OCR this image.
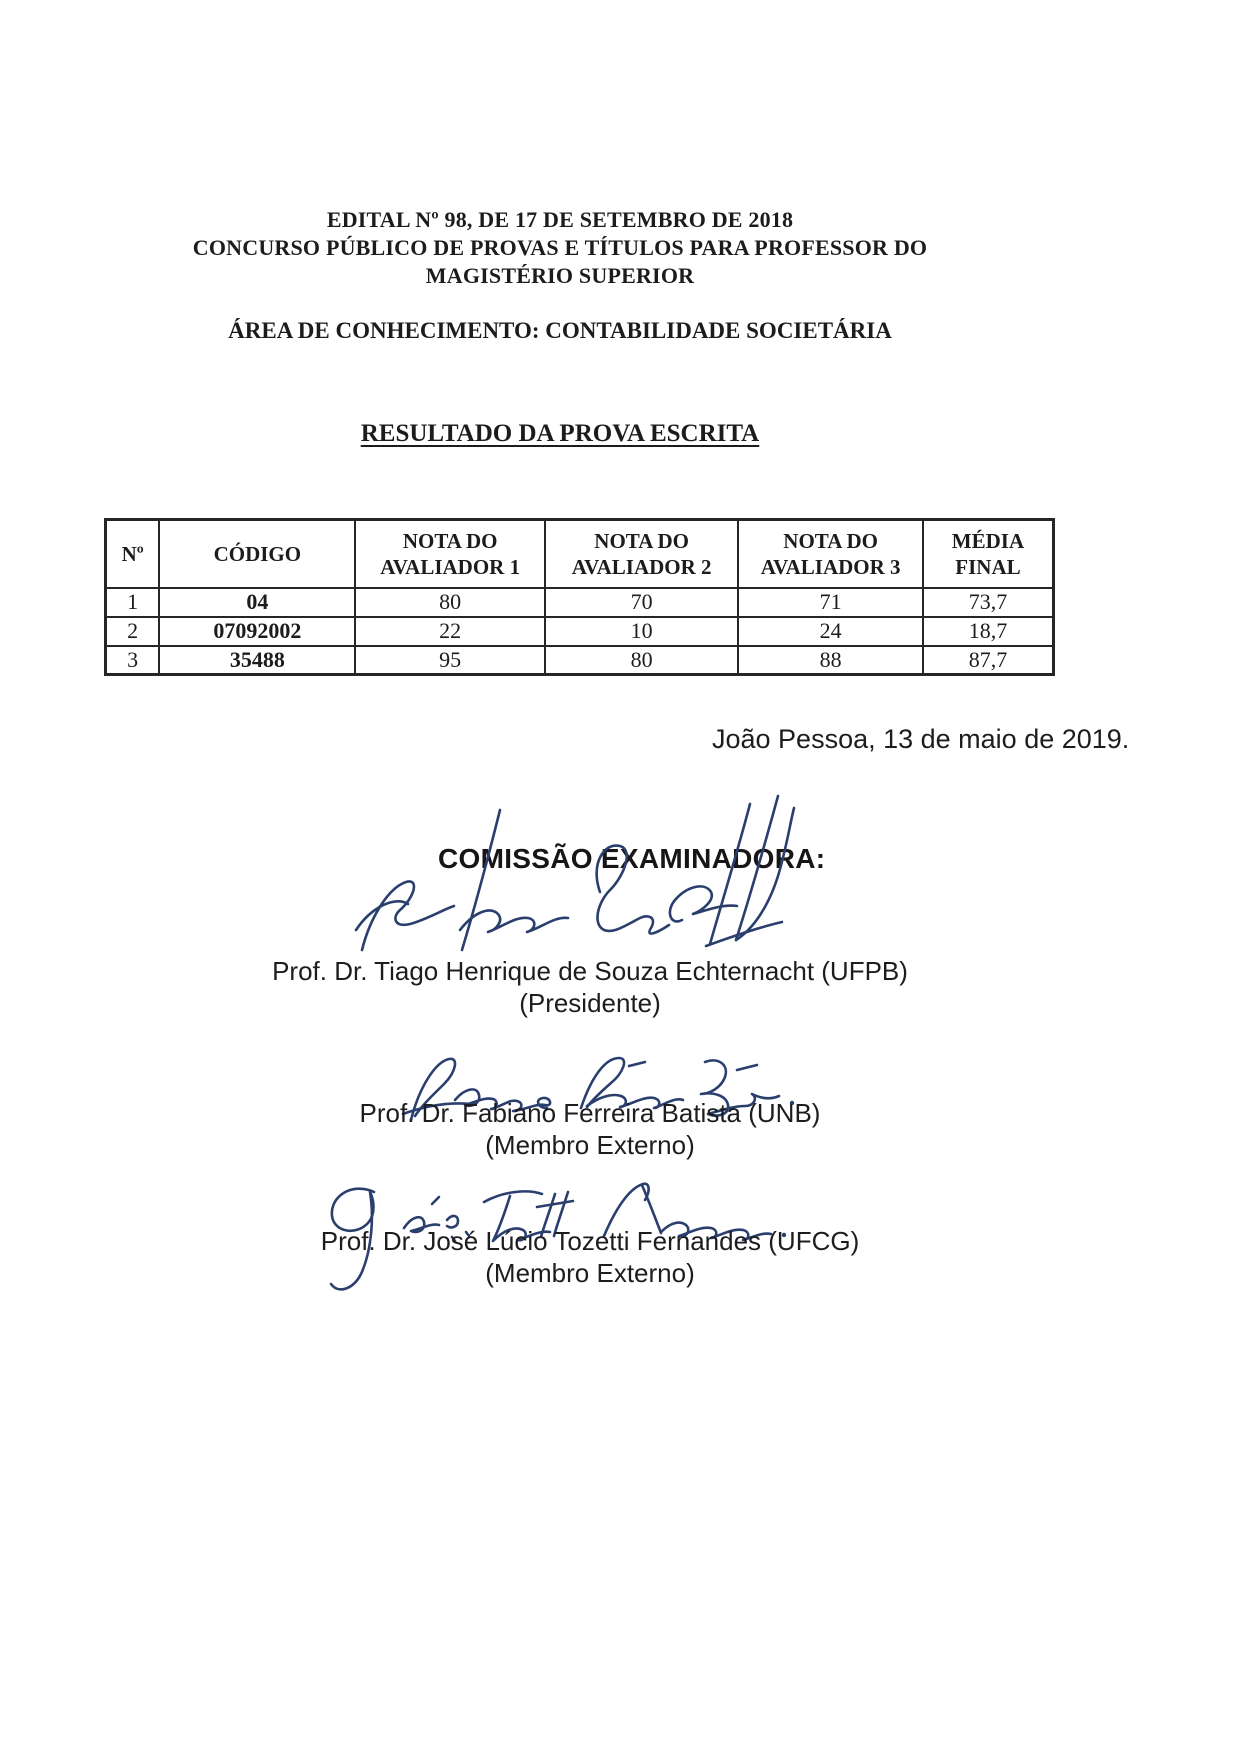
EDITAL Nº 98, DE 17 DE SETEMBRO DE 2018
CONCURSO PÚBLICO DE PROVAS E TÍTULOS PARA PROFESSOR DO
MAGISTÉRIO SUPERIOR
ÁREA DE CONHECIMENTO: CONTABILIDADE SOCIETÁRIA
RESULTADO DA PROVA ESCRITA
Nº	CÓDIGO	NOTA DO AVALIADOR 1	NOTA DO AVALIADOR 2	NOTA DO AVALIADOR 3	MÉDIA FINAL
1	04	80	70	71	73,7
2	07092002	22	10	24	18,7
3	35488	95	80	88	87,7
João Pessoa, 13 de maio de 2019.
COMISSÃO EXAMINADORA:
Prof. Dr. Tiago Henrique de Souza Echternacht (UFPB)
(Presidente)
Prof. Dr. Fabiano Ferreira Batista (UNB)
(Membro Externo)
Prof. Dr. José Lúcio Tozetti Fernandes (UFCG)
(Membro Externo)
